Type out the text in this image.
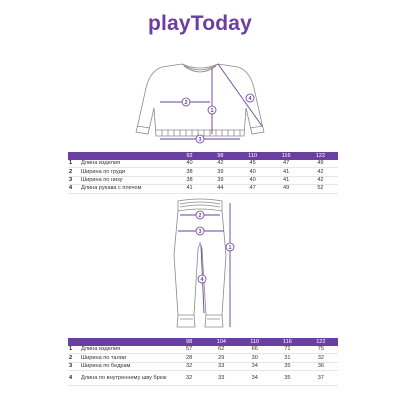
playToday
1
2
3
4
		92	98	110	116	122
1	Длина изделия	40	42	45	47	49
2	Ширина по груди	38	39	40	41	42
3	Ширина по низу	38	39	40	41	42
4	Длина рукава с плечом	41	44	47	49	52
1
2
3
4
		98	104	110	116	122
1	Длина изделия	57	62	66	71	75
2	Ширина по талии	28	29	30	31	32
3	Ширина по бедрам	32	33	34	35	36
4	Длина по внутреннему шву брюк	32	33	34	35	37
